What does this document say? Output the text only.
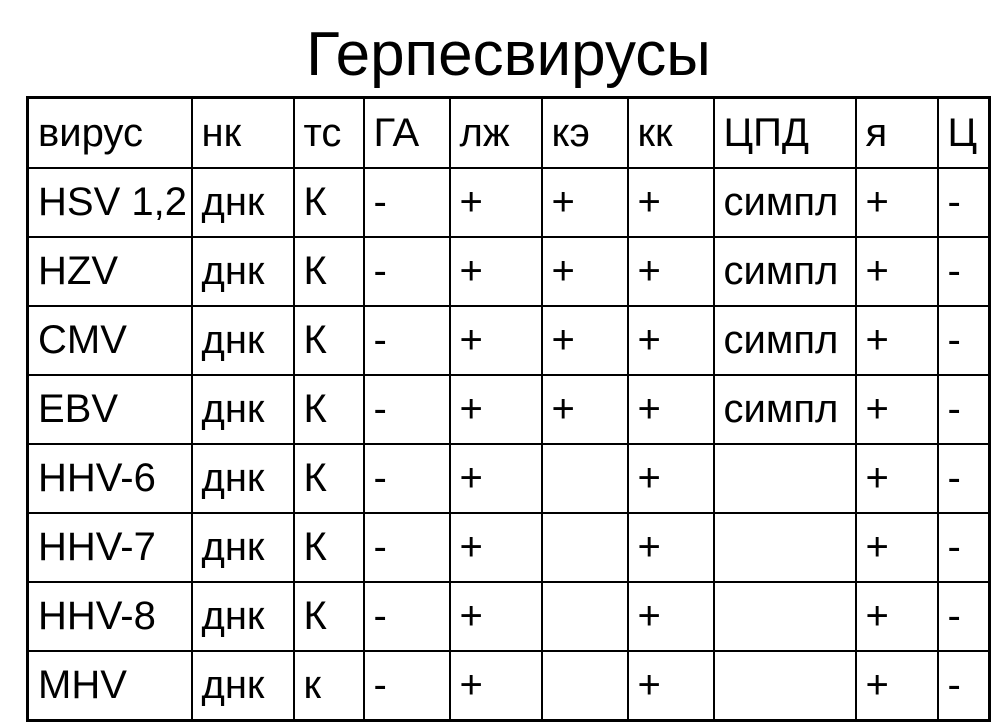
Герпесвирусы
вирус	нк	тс	ГА	лж	кэ	кк	ЦПД	я	Ц
HSV 1,2	днк	К	-	+	+	+	симпл	+	-
HZV	днк	К	-	+	+	+	симпл	+	-
CMV	днк	К	-	+	+	+	симпл	+	-
EBV	днк	К	-	+	+	+	симпл	+	-
HHV-6	днк	К	-	+		+		+	-
HHV-7	днк	К	-	+		+		+	-
HHV-8	днк	К	-	+		+		+	-
MHV	днк	к	-	+		+		+	-
